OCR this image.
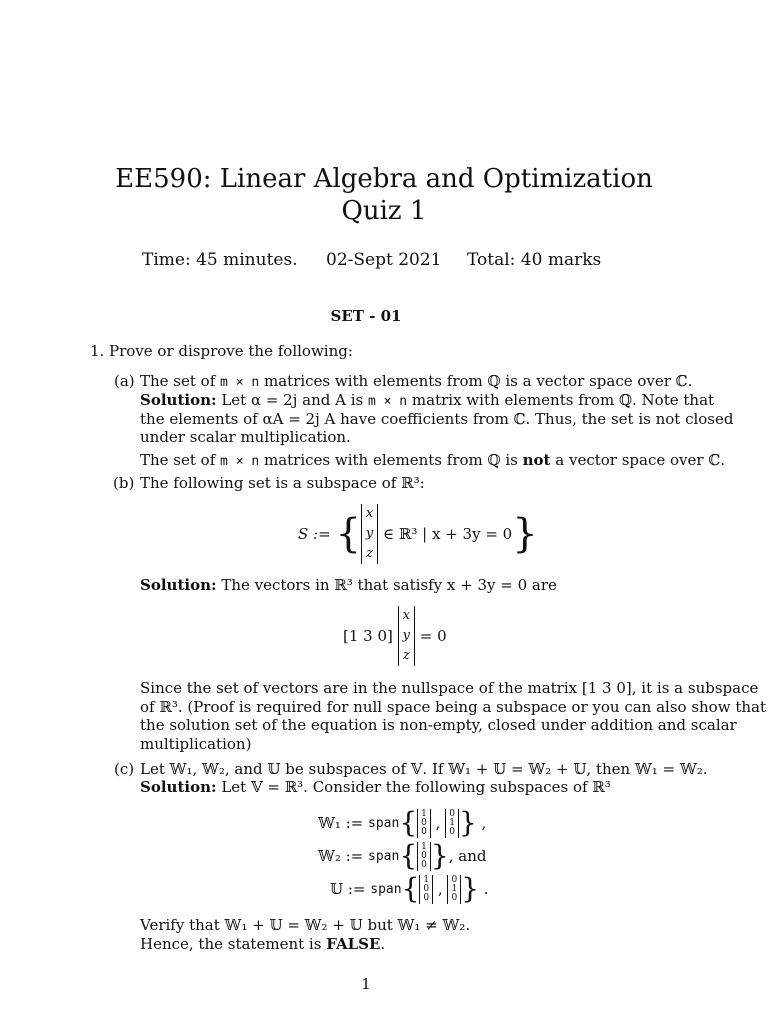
EE590: Linear Algebra and Optimization
Quiz 1
Time: 45 minutes. 02-Sept 2021 Total: 40 marks
SET - 01
1. Prove or disprove the following:
(a) The set of m × n matrices with elements from ℚ is a vector space over ℂ.
Solution: Let α = 2j and A is m × n matrix with elements from ℚ. Note that
the elements of αA = 2j A have coefficients from ℂ. Thus, the set is not closed
under scalar multiplication.
The set of m × n matrices with elements from ℚ is not a vector space over ℂ.
(b) The following set is a subspace of ℝ³:
S :=
{ x
y
z

∈ ℝ³ | x + 3y = 0 }
Solution: The vectors in ℝ³ that satisfy x + 3y = 0 are
[1 3 0]

x
y
z

= 0
Since the set of vectors are in the nullspace of the matrix [1 3 0], it is a subspace
of ℝ³. (Proof is required for null space being a subspace or you can also show that
the solution set of the equation is non-empty, closed under addition and scalar
multiplication)
(c) Let 𝕎₁, 𝕎₂, and 𝕌 be subspaces of 𝕍. If 𝕎₁ + 𝕌 = 𝕎₂ + 𝕌, then 𝕎₁ = 𝕎₂.
Solution: Let 𝕍 = ℝ³. Consider the following subspaces of ℝ³
𝕎₁ :=
span { 1
0
0 ,
0
1
0 } ,
𝕎₂ :=
span { 1
0
0 } , and
𝕌 :=
span { 1
0
0 ,
0
1
0 } .
Verify that 𝕎₁ + 𝕌 = 𝕎₂ + 𝕌 but 𝕎₁ ≠ 𝕎₂.
Hence, the statement is FALSE.
1
